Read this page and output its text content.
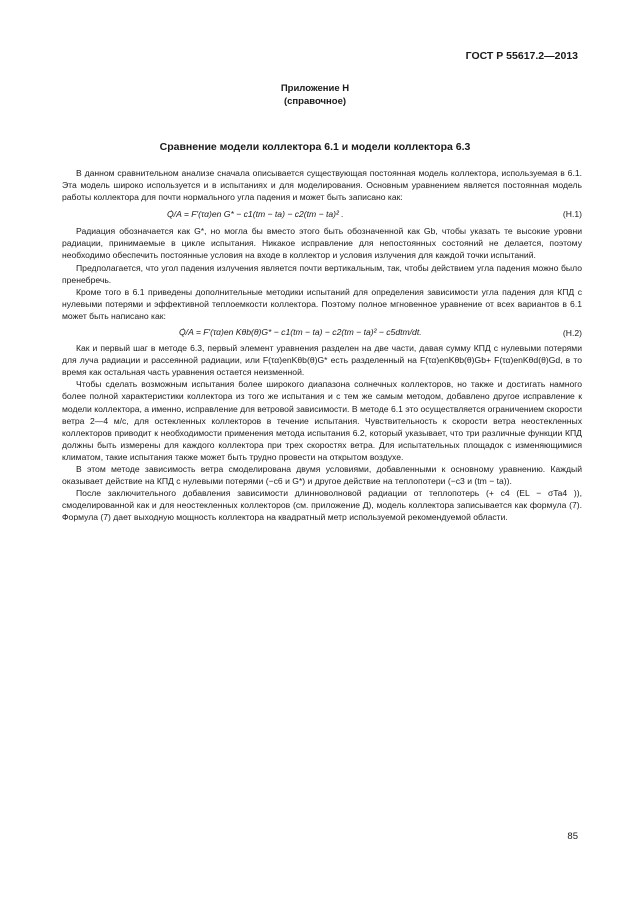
ГОСТ Р 55617.2—2013
Приложение Н
(справочное)
Сравнение модели коллектора 6.1 и модели коллектора 6.3

В данном сравнительном анализе сначала описывается существующая постоянная модель коллектора, используемая в 6.1. Эта модель широко используется и в испытаниях и для моделирования. Основным уравнением является постоянная модель работы коллектора для почти нормального угла падения и может быть записано как:

Q̇/A = F′(τα)en G* − c1(tm − ta) − c2(tm − ta)² .	(H.1)

Радиация обозначается как G*, но могла бы вместо этого быть обозначенной как Gb, чтобы указать те высокие уровни радиации, принимаемые в цикле испытания. Никакое исправление для непостоянных состояний не делается, поэтому необходимо обеспечить постоянные условия на входе в коллектор и условия излучения для каждой точки испытаний.

Предполагается, что угол падения излучения является почти вертикальным, так, чтобы действием угла падения можно было пренебречь.

Кроме того в 6.1 приведены дополнительные методики испытаний для определения зависимости угла падения для КПД с нулевыми потерями и эффективной теплоемкости коллектора. Поэтому полное мгновенное уравнение от всех вариантов в 6.1 может быть написано как:

Q̇/A = F′(τα)en Kθb(θ)G* − c1(tm − ta) − c2(tm − ta)² − c5dtm/dt.	(H.2)

Как и первый шаг в методе 6.3, первый элемент уравнения разделен на две части, давая сумму КПД с нулевыми потерями для луча радиации и рассеянной радиации, или F(τα)enKθb(θ)G* есть разделенный на F(τα)enKθb(θ)Gb+ F(τα)enKθd(θ)Gd, в то время как остальная часть уравнения остается неизменной.

Чтобы сделать возможным испытания более широкого диапазона солнечных коллекторов, но также и достигать намного более полной характеристики коллектора из того же испытания и с тем же самым методом, добавлено другое исправление к модели коллектора, а именно, исправление для ветровой зависимости. В методе 6.1 это осуществляется ограничением скорости ветра 2—4 м/с, для остекленных коллекторов в течение испытания. Чувствительность к скорости ветра неостекленных коллекторов приводит к необходимости применения метода испытания 6.2, который указывает, что три различные функции КПД должны быть измерены для каждого коллектора при трех скоростях ветра. Для испытательных площадок с изменяющимися климатом, такие испытания также может быть трудно провести на открытом воздухе.

В этом методе зависимость ветра смоделирована двумя условиями, добавленными к основному уравнению. Каждый оказывает действие на КПД с нулевыми потерями (−c6 и G*) и другое действие на теплопотери (−c3 и (tm − ta)).

После заключительного добавления зависимости длинноволновой радиации от теплопотерь (+ c4 (EL − σTa4 )), смоделированной как и для неостекленных коллекторов (см. приложение Д), модель коллектора записывается как формула (7). Формула (7) дает выходную мощность коллектора на квадратный метр используемой рекомендуемой области.

85
